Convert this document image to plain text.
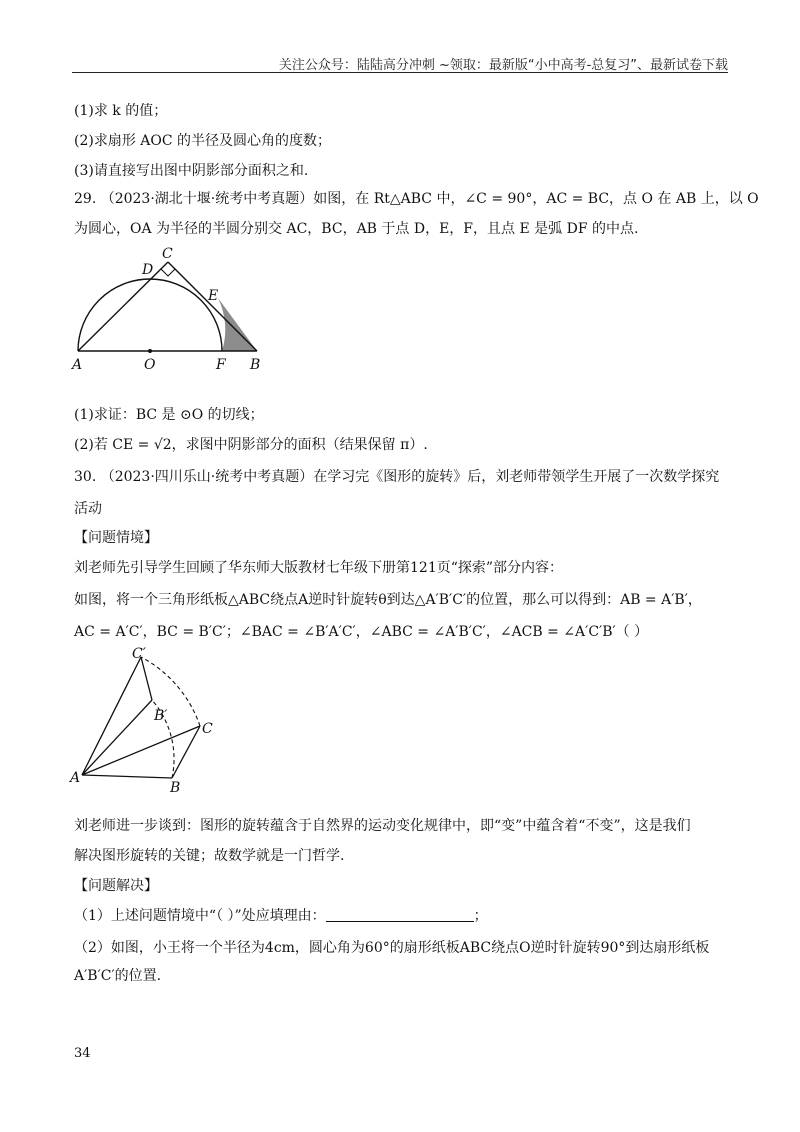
关注公众号：陆陆高分冲刺 ~领取：最新版“小中高考-总复习”、最新试卷下载
(1)求 k 的值；
(2)求扇形 AOC 的半径及圆心角的度数；
(3)请直接写出图中阴影部分面积之和.
29. （2023·湖北十堰·统考中考真题）如图，在 Rt△ABC 中，∠C = 90°，AC = BC，点 O 在 AB 上，以 O
为圆心，OA 为半径的半圆分别交 AC，BC，AB 于点 D，E，F，且点 E 是弧 DF 的中点.
A	O	F B
C
D
E
(1)求证：BC 是 ⊙O 的切线；
(2)若 CE = √2，求图中阴影部分的面积（结果保留 π）.
30. （2023·四川乐山·统考中考真题）在学习完《图形的旋转》后，刘老师带领学生开展了一次数学探究
活动
【问题情境】
刘老师先引导学生回顾了华东师大版教材七年级下册第121页“探索”部分内容：
如图，将一个三角形纸板△ABC绕点A逆时针旋转θ到达△A′B′C′的位置，那么可以得到：AB = A′B′，
AC = A′C′，BC = B′C′；∠BAC = ∠B′A′C′，∠ABC = ∠A′B′C′，∠ACB = ∠A′C′B′（ ）
A
B
C
B′
C′
刘老师进一步谈到：图形的旋转蕴含于自然界的运动变化规律中，即“变”中蕴含着“不变”，这是我们
解决图形旋转的关键；故数学就是一门哲学.
【问题解决】
（1）上述问题情境中“（ ）”处应填理由：	；
（2）如图，小王将一个半径为4cm，圆心角为60°的扇形纸板ABC绕点O逆时针旋转90°到达扇形纸板
A′B′C′的位置.
34
